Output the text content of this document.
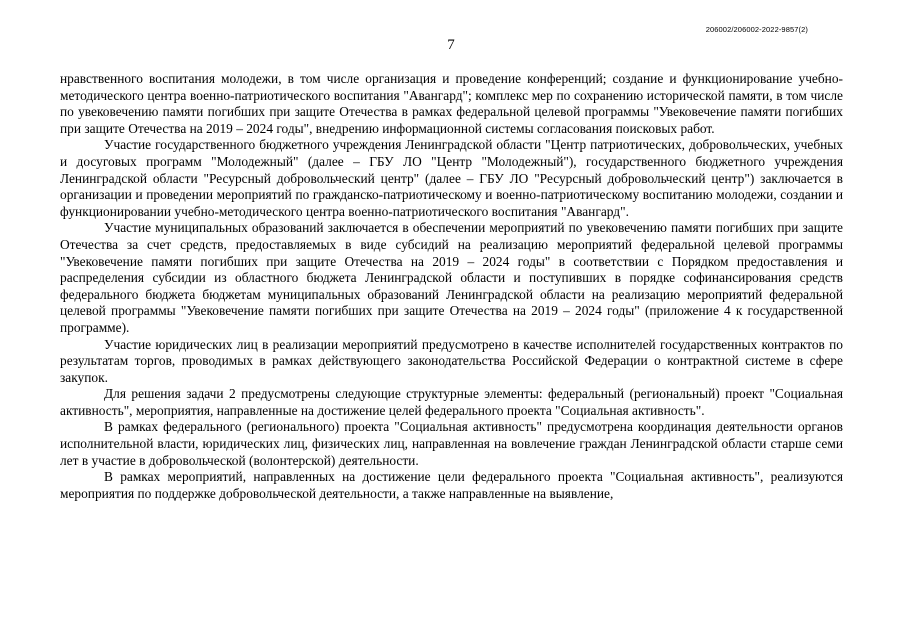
206002/206002-2022-9857(2)
7

нравственного воспитания молодежи, в том числе организация и проведение конференций; создание и функционирование учебно-методического центра военно-патриотического воспитания "Авангард"; комплекс мер по сохранению исторической памяти, в том числе по увековечению памяти погибших при защите Отечества в рамках федеральной целевой программы "Увековечение памяти погибших при защите Отечества на 2019 – 2024 годы", внедрению информационной системы согласования поисковых работ.

Участие государственного бюджетного учреждения Ленинградской области "Центр патриотических, добровольческих, учебных и досуговых программ "Молодежный" (далее – ГБУ ЛО "Центр "Молодежный"), государственного бюджетного учреждения Ленинградской области "Ресурсный добровольческий центр" (далее – ГБУ ЛО "Ресурсный добровольческий центр") заключается в организации и проведении мероприятий по гражданско-патриотическому и военно-патриотическому воспитанию молодежи, создании и функционировании учебно-методического центра военно-патриотического воспитания "Авангард".

Участие муниципальных образований заключается в обеспечении мероприятий по увековечению памяти погибших при защите Отечества за счет средств, предоставляемых в виде субсидий на реализацию мероприятий федеральной целевой программы "Увековечение памяти погибших при защите Отечества на 2019 – 2024 годы" в соответствии с Порядком предоставления и распределения субсидии из областного бюджета Ленинградской области и поступивших в порядке софинансирования средств федерального бюджета бюджетам муниципальных образований Ленинградской области на реализацию мероприятий федеральной целевой программы "Увековечение памяти погибших при защите Отечества на 2019 – 2024 годы" (приложение 4 к государственной программе).

Участие юридических лиц в реализации мероприятий предусмотрено в качестве исполнителей государственных контрактов по результатам торгов, проводимых в рамках действующего законодательства Российской Федерации о контрактной системе в сфере закупок.

Для решения задачи 2 предусмотрены следующие структурные элементы: федеральный (региональный) проект "Социальная активность", мероприятия, направленные на достижение целей федерального проекта "Социальная активность".

В рамках федерального (регионального) проекта "Социальная активность" предусмотрена координация деятельности органов исполнительной власти, юридических лиц, физических лиц, направленная на вовлечение граждан Ленинградской области старше семи лет в участие в добровольческой (волонтерской) деятельности.

В рамках мероприятий, направленных на достижение цели федерального проекта "Социальная активность", реализуются мероприятия по поддержке добровольческой деятельности, а также направленные на выявление,
